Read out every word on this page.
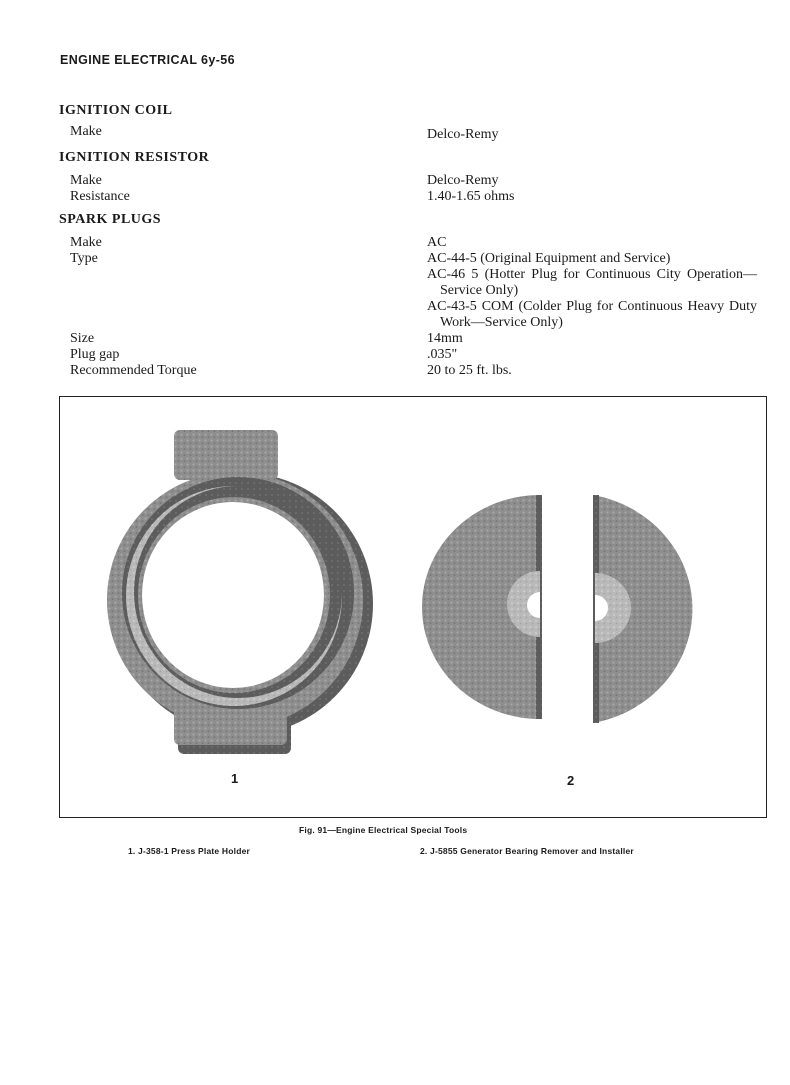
ENGINE ELECTRICAL 6y-56

IGNITION COIL

Make	Delco-Remy

IGNITION RESISTOR

Make	Delco-Remy
Resistance	1.40-1.65 ohms

SPARK PLUGS

Make	AC
Type	AC-44-5 (Original Equipment and Service)
AC-46 5 (Hotter Plug for Continuous City Operation—Service Only)
AC-43-5 COM (Colder Plug for Continuous Heavy Duty Work—Service Only)
Size	14mm
Plug gap	.035"
Recommended Torque	20 to 25 ft. lbs.
1	2
Fig. 91—Engine Electrical Special Tools
1. J-358-1 Press Plate Holder	2. J-5855 Generator Bearing Remover and Installer
